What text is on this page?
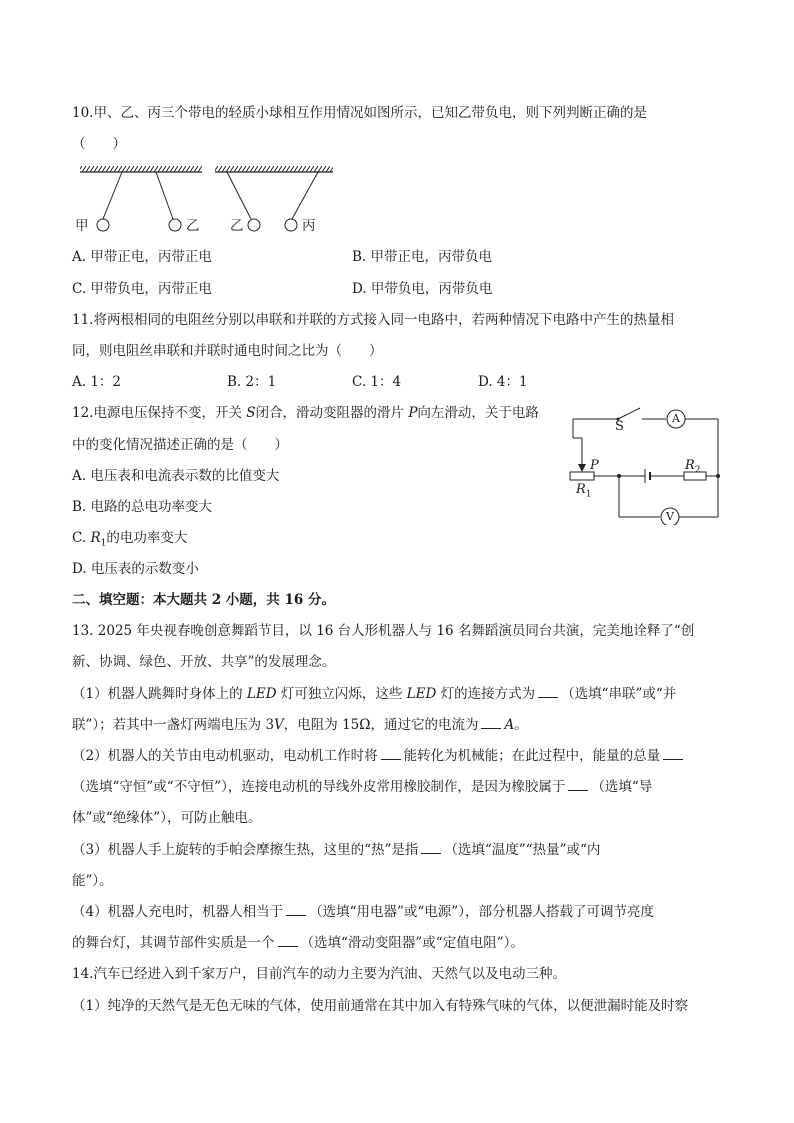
10.甲、乙、丙三个带电的轻质小球相互作用情况如图所示，已知乙带负电，则下列判断正确的是
（　　）
甲	乙 乙	丙
A. 甲带正电，丙带正电	B. 甲带正电，丙带负电
C. 甲带负电，丙带正电	D. 甲带负电，丙带负电
11.将两根相同的电阻丝分别以串联和并联的方式接入同一电路中，若两种情况下电路中产生的热量相
同，则电阻丝串联和并联时通电时间之比为（　　）
A. 1：2	B. 2：1	C. 1：4	D. 4：1
12.电源电压保持不变，开关 S闭合，滑动变阻器的滑片 P向左滑动，关于电路
中的变化情况描述正确的是（　　）
A. 电压表和电流表示数的比值变大
B. 电路的总电功率变大
C. $R_1$的电功率变大
D. 电压表的示数变小
S
A
P
$R_1$
$R_2$
V
二、填空题：本大题共 2 小题，共 16 分。
13. 2025 年央视春晚创意舞蹈节目，以 16 台人形机器人与 16 名舞蹈演员同台共演，完美地诠释了“创
新、协调、绿色、开放、共享”的发展理念。
（1）机器人跳舞时身体上的 LED 灯可独立闪烁，这些 LED 灯的连接方式为 （选填“串联”或“并
联”）；若其中一盏灯两端电压为 3V，电阻为 15Ω，通过它的电流为 A。
（2）机器人的关节由电动机驱动，电动机工作时将 能转化为机械能；在此过程中，能量的总量
（选填“守恒”或“不守恒”），连接电动机的导线外皮常用橡胶制作，是因为橡胶属于 （选填“导
体”或“绝缘体”），可防止触电。
（3）机器人手上旋转的手帕会摩擦生热，这里的“热”是指 （选填“温度”“热量”或“内
能”）。
（4）机器人充电时，机器人相当于 （选填“用电器”或“电源”），部分机器人搭载了可调节亮度
的舞台灯，其调节部件实质是一个 （选填“滑动变阻器”或“定值电阻”）。
14.汽车已经进入到千家万户，目前汽车的动力主要为汽油、天然气以及电动三种。
（1）纯净的天然气是无色无味的气体，使用前通常在其中加入有特殊气味的气体，以便泄漏时能及时察
